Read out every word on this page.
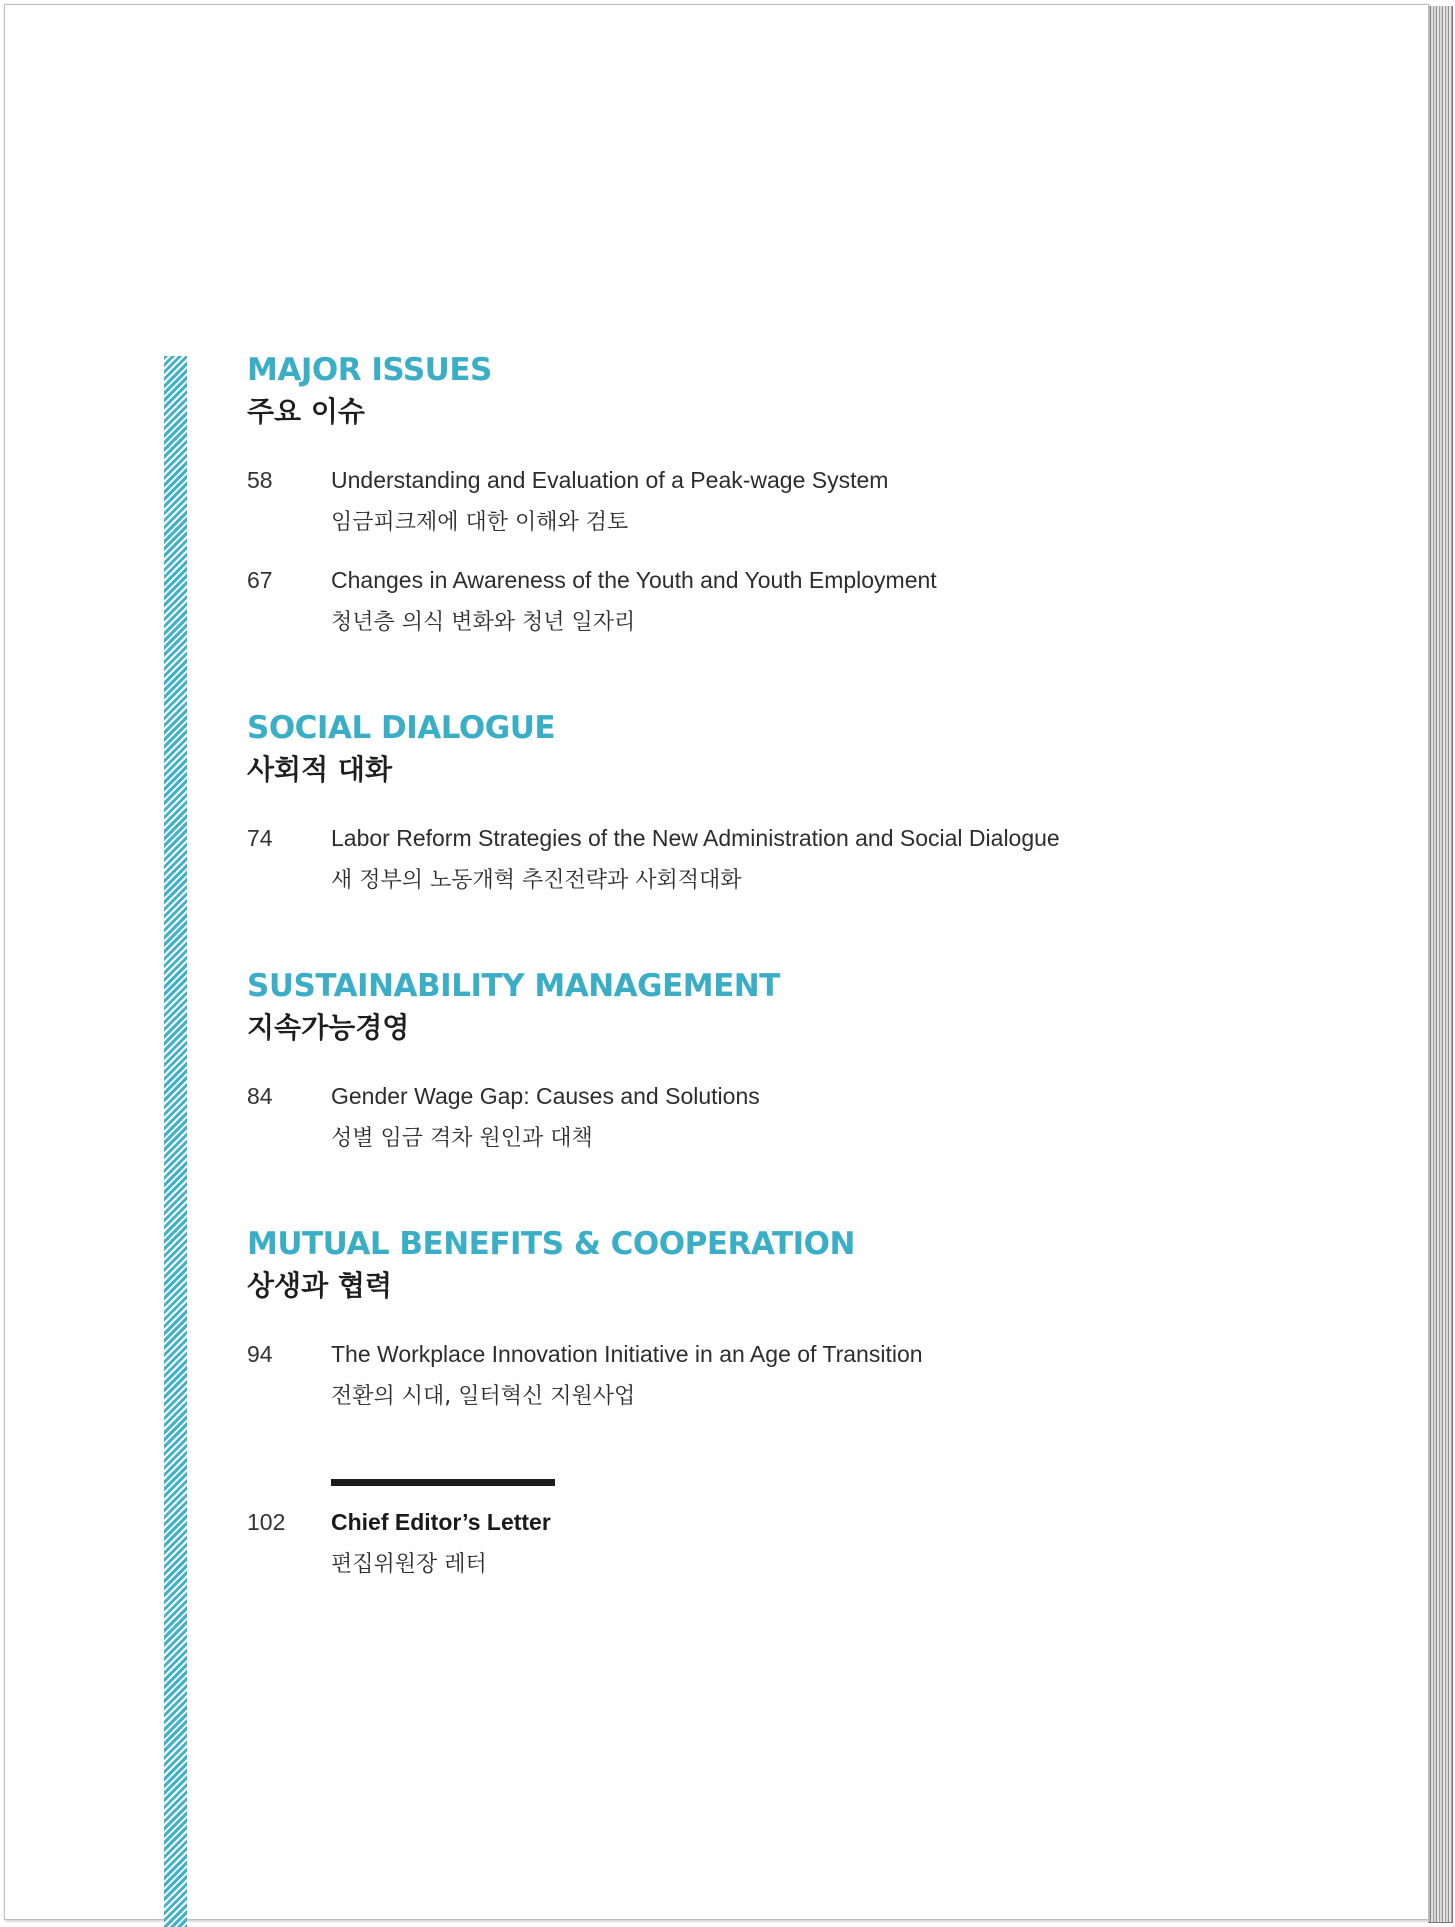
MAJOR ISSUES
주요 이슈
58	Understanding and Evaluation of a Peak-wage System
임금피크제에 대한 이해와 검토
67	Changes in Awareness of the Youth and Youth Employment
청년층 의식 변화와 청년 일자리
SOCIAL DIALOGUE
사회적 대화
74	Labor Reform Strategies of the New Administration and Social Dialogue
새 정부의 노동개혁 추진전략과 사회적대화
SUSTAINABILITY MANAGEMENT
지속가능경영
84	Gender Wage Gap: Causes and Solutions
성별 임금 격차 원인과 대책
MUTUAL BENEFITS & COOPERATION
상생과 협력
94	The Workplace Innovation Initiative in an Age of Transition
전환의 시대, 일터혁신 지원사업
102 Chief Editor’s Letter
편집위원장 레터
